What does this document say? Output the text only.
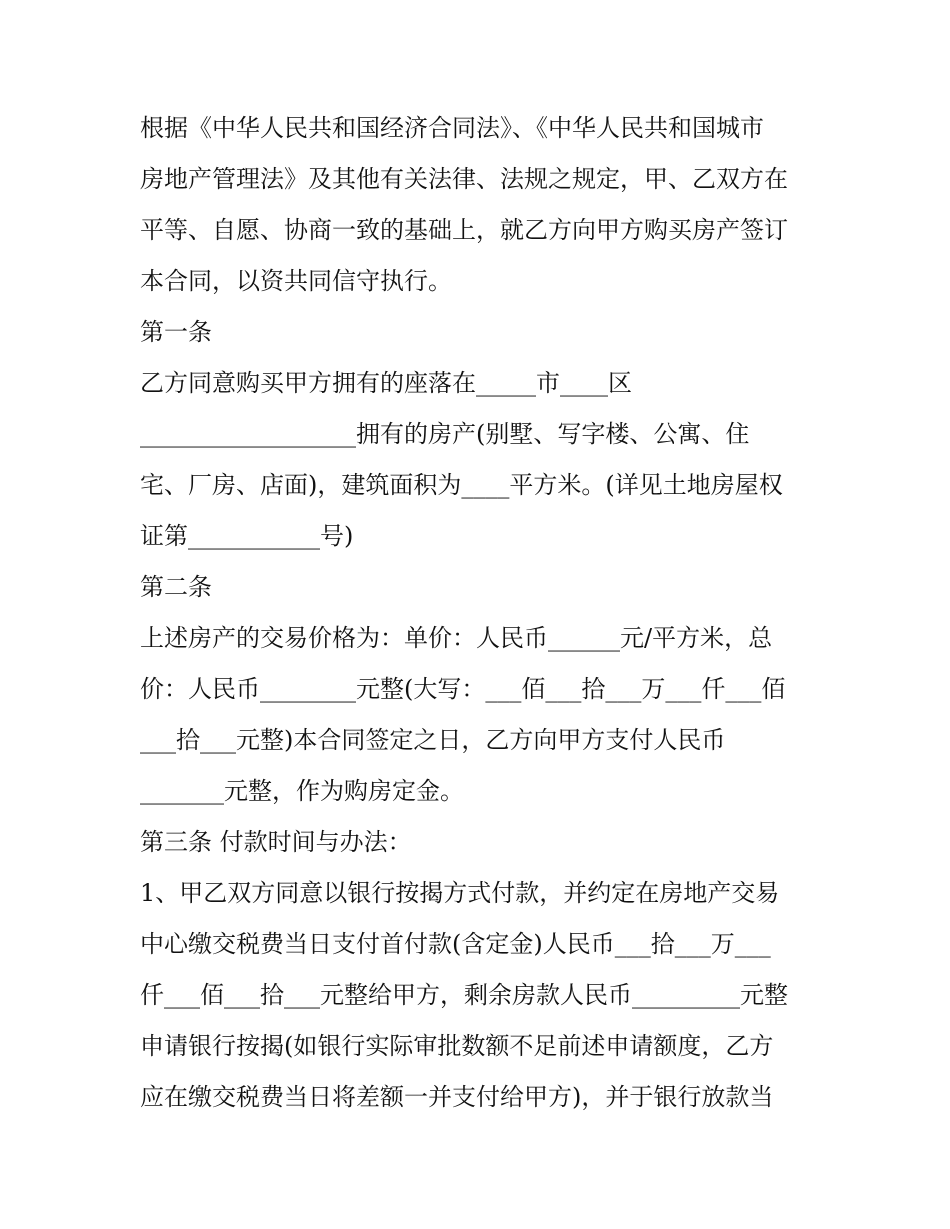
根据《中华人民共和国经济合同法》、《中华人民共和国城市
房地产管理法》及其他有关法律、法规之规定，甲、乙双方在
平等、自愿、协商一致的基础上，就乙方向甲方购买房产签订
本合同，以资共同信守执行。
第一条
乙方同意购买甲方拥有的座落在_____市____区
__________________拥有的房产(别墅、写字楼、公寓、住
宅、厂房、店面)，建筑面积为____平方米。(详见土地房屋权
证第___________号)
第二条
上述房产的交易价格为：单价：人民币______元/平方米，总
价：人民币________元整(大写：___佰___拾___万___仟___佰
___拾___元整)本合同签定之日，乙方向甲方支付人民币
_______元整，作为购房定金。
第三条 付款时间与办法：
1、甲乙双方同意以银行按揭方式付款，并约定在房地产交易
中心缴交税费当日支付首付款(含定金)人民币___拾___万___
仟___佰___拾___元整给甲方，剩余房款人民币_________元整
申请银行按揭(如银行实际审批数额不足前述申请额度，乙方
应在缴交税费当日将差额一并支付给甲方)，并于银行放款当
